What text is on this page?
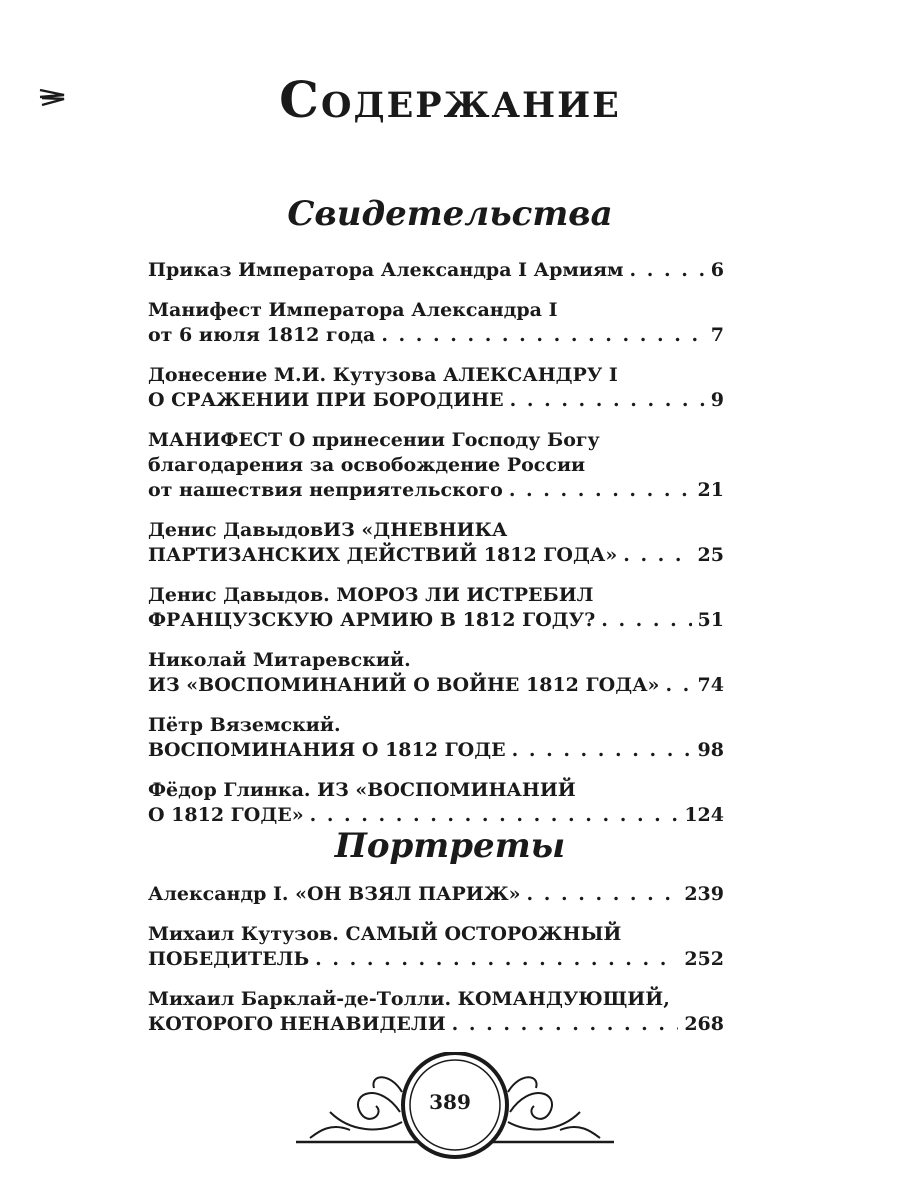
Содержание
Свидетельства
Приказ Императора Александра I Армиям . . .	6
Манифест Императора Александра I
от 6 июля 1812 года . . .	7
Донесение М.И. Кутузова АЛЕКСАНДРУ I
О СРАЖЕНИИ ПРИ БОРОДИНЕ . . .	9
МАНИФЕСТ О принесении Господу Богу
благодарения за освобождение России
от нашествия неприятельского . . .	21
Денис ДавыдовИЗ «ДНЕВНИКА
ПАРТИЗАНСКИХ ДЕЙСТВИЙ 1812 ГОДА» . . .	25
Денис Давыдов. МОРОЗ ЛИ ИСТРЕБИЛ
ФРАНЦУЗСКУЮ АРМИЮ В 1812 ГОДУ? . . .	51
Николай Митаревский.
ИЗ «ВОСПОМИНАНИЙ О ВОЙНЕ 1812 ГОДА» . . . 74
Пётр Вяземский.
ВОСПОМИНАНИЯ О 1812 ГОДЕ . . .	98
Фёдор Глинка. ИЗ «ВОСПОМИНАНИЙ
О 1812 ГОДЕ» . . .	124
Портреты
Александр I. «ОН ВЗЯЛ ПАРИЖ» . . .	239
Михаил Кутузов. САМЫЙ ОСТОРОЖНЫЙ
ПОБЕДИТЕЛЬ . . .	252
Михаил Барклай-де-Толли. КОМАНДУЮЩИЙ,
КОТОРОГО НЕНАВИДЕЛИ . . .	268
389
